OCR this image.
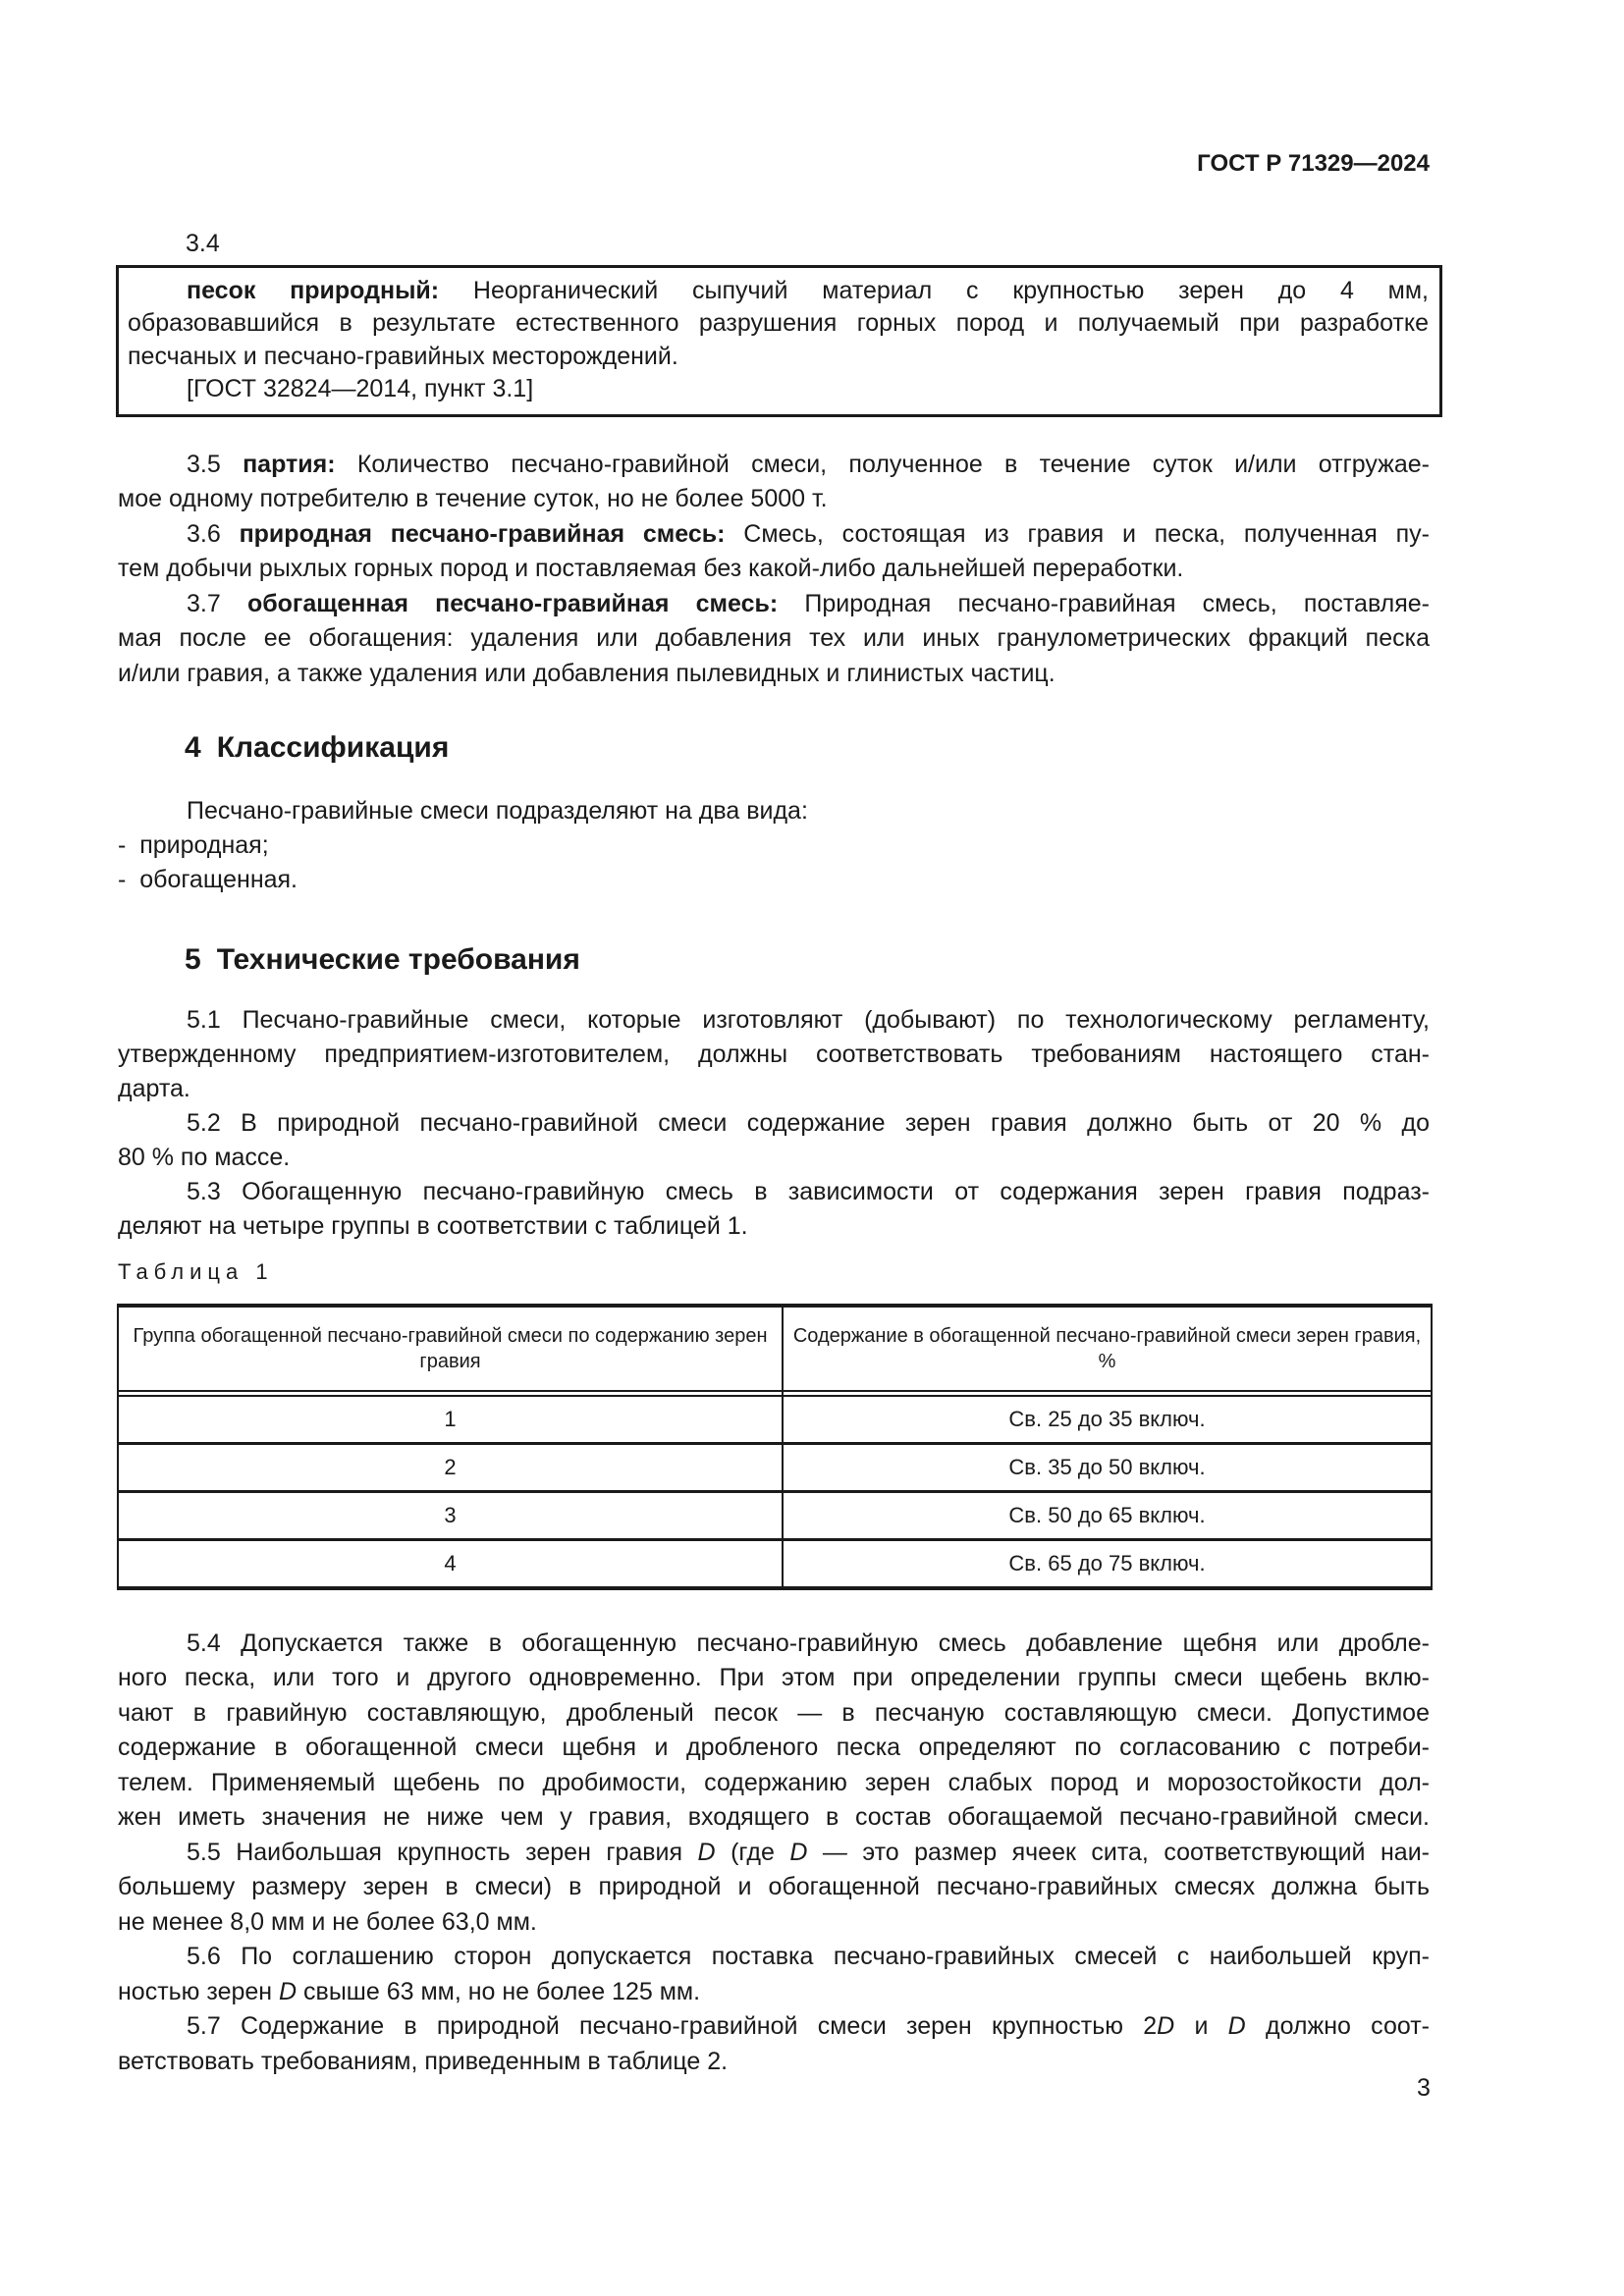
ГОСТ Р 71329—2024
3.4
песок природный: Неорганический сыпучий материал с крупностью зерен до 4 мм,
образовавшийся в результате естественного разрушения горных пород и получаемый при разработке
песчаных и песчано-гравийных месторождений.
[ГОСТ 32824—2014, пункт 3.1]
3.5 партия: Количество песчано-гравийной смеси, полученное в течение суток и/или отгружае-
мое одному потребителю в течение суток, но не более 5000 т.
3.6 природная песчано-гравийная смесь: Смесь, состоящая из гравия и песка, полученная пу-
тем добычи рыхлых горных пород и поставляемая без какой-либо дальнейшей переработки.
3.7 обогащенная песчано-гравийная смесь: Природная песчано-гравийная смесь, поставляе-
мая после ее обогащения: удаления или добавления тех или иных гранулометрических фракций песка
и/или гравия, а также удаления или добавления пылевидных и глинистых частиц.
4 Классификация
Песчано-гравийные смеси подразделяют на два вида:
-  природная;
-  обогащенная.
5 Технические требования
5.1 Песчано-гравийные смеси, которые изготовляют (добывают) по технологическому регламенту,
утвержденному предприятием-изготовителем, должны соответствовать требованиям настоящего стан-
дарта.
5.2 В природной песчано-гравийной смеси содержание зерен гравия должно быть от 20 % до
80 % по массе.
5.3 Обогащенную песчано-гравийную смесь в зависимости от содержания зерен гравия подраз-
деляют на четыре группы в соответствии с таблицей 1.
Таблица 1
Группа обогащенной песчано-гравийной смеси по содержанию зерен гравия	Содержание в обогащенной песчано-гравийной смеси зерен гравия, %

1	Св. 25 до 35 включ.
2	Св. 35 до 50 включ.
3	Св. 50 до 65 включ.
4	Св. 65 до 75 включ.
5.4 Допускается также в обогащенную песчано-гравийную смесь добавление щебня или дробле-
ного песка, или того и другого одновременно. При этом при определении группы смеси щебень вклю-
чают в гравийную составляющую, дробленый песок — в песчаную составляющую смеси. Допустимое
содержание в обогащенной смеси щебня и дробленого песка определяют по согласованию с потреби-
телем. Применяемый щебень по дробимости, содержанию зерен слабых пород и морозостойкости дол-
жен иметь значения не ниже чем у гравия, входящего в состав обогащаемой песчано-гравийной смеси.
5.5 Наибольшая крупность зерен гравия D (где D — это размер ячеек сита, соответствующий наи-
большему размеру зерен в смеси) в природной и обогащенной песчано-гравийных смесях должна быть
не менее 8,0 мм и не более 63,0 мм.
5.6 По соглашению сторон допускается поставка песчано-гравийных смесей с наибольшей круп-
ностью зерен D свыше 63 мм, но не более 125 мм.
5.7 Содержание в природной песчано-гравийной смеси зерен крупностью 2D и D должно соот-
ветствовать требованиям, приведенным в таблице 2.
3
